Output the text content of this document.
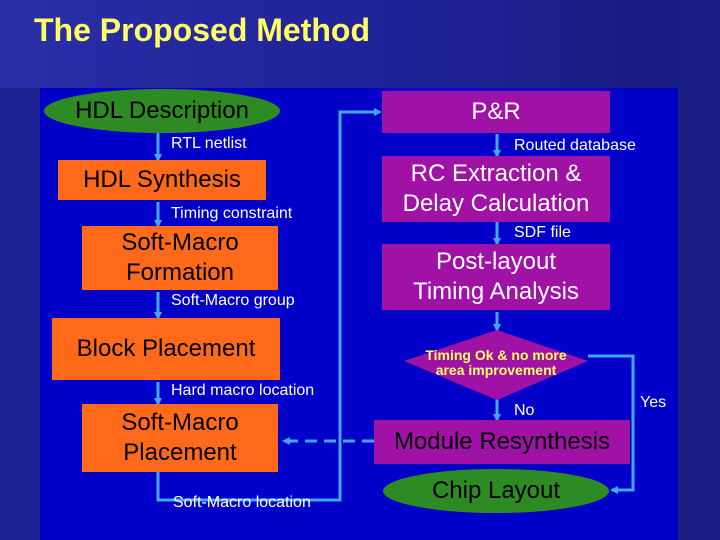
The Proposed Method
HDL Description
RTL netlist
HDL Synthesis
Timing constraint
Soft-Macro
Formation
Soft-Macro group
Block Placement
Hard macro location
Soft-Macro
Placement
Soft-Macro location
P&R
Routed database
RC Extraction &
Delay Calculation
SDF file
Post-layout
Timing Analysis
Timing Ok & no more
area improvement
No	Yes
Module Resynthesis
Chip Layout
